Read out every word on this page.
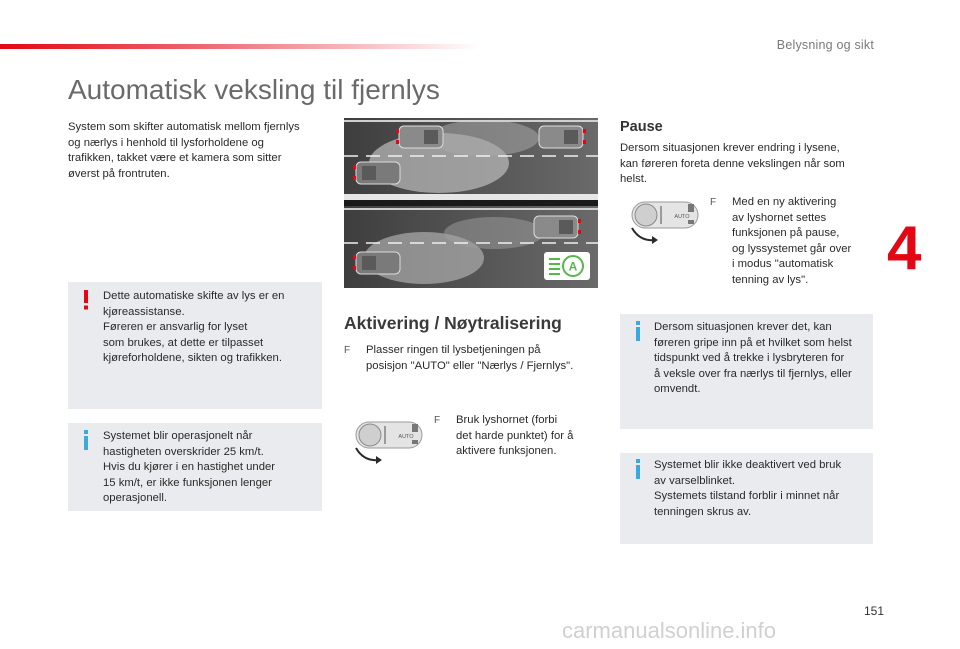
Belysning og sikt
4
Automatisk veksling til fjernlys
System som skifter automatisk mellom fjernlys
og nærlys i henhold til lysforholdene og
trafikken, takket være et kamera som sitter
øverst på frontruten.
Dette automatiske skifte av lys er en
kjøreassistanse.
Føreren er ansvarlig for lyset
som brukes, at dette er tilpasset
kjøreforholdene, sikten og trafikken.
Systemet blir operasjonelt når
hastigheten overskrider 25 km/t.
Hvis du kjører i en hastighet under
15 km/t, er ikke funksjonen lenger
operasjonell.
A
Aktivering / Nøytralisering
F Plasser ringen til lysbetjeningen på
posisjon "AUTO" eller "Nærlys / Fjernlys".
AUTO
F Bruk lyshornet (forbi
det harde punktet) for å
aktivere funksjonen.
Pause
Dersom situasjonen krever endring i lysene,
kan føreren foreta denne vekslingen når som
helst.
AUTO
F Med en ny aktivering
av lyshornet settes
funksjonen på pause,
og lyssystemet går over
i modus "automatisk
tenning av lys".
Dersom situasjonen krever det, kan
føreren gripe inn på et hvilket som helst
tidspunkt ved å trekke i lysbryteren for
å veksle over fra nærlys til fjernlys, eller
omvendt.
Systemet blir ikke deaktivert ved bruk
av varselblinket.
Systemets tilstand forblir i minnet når
tenningen skrus av.
151
carmanualsonline.info
